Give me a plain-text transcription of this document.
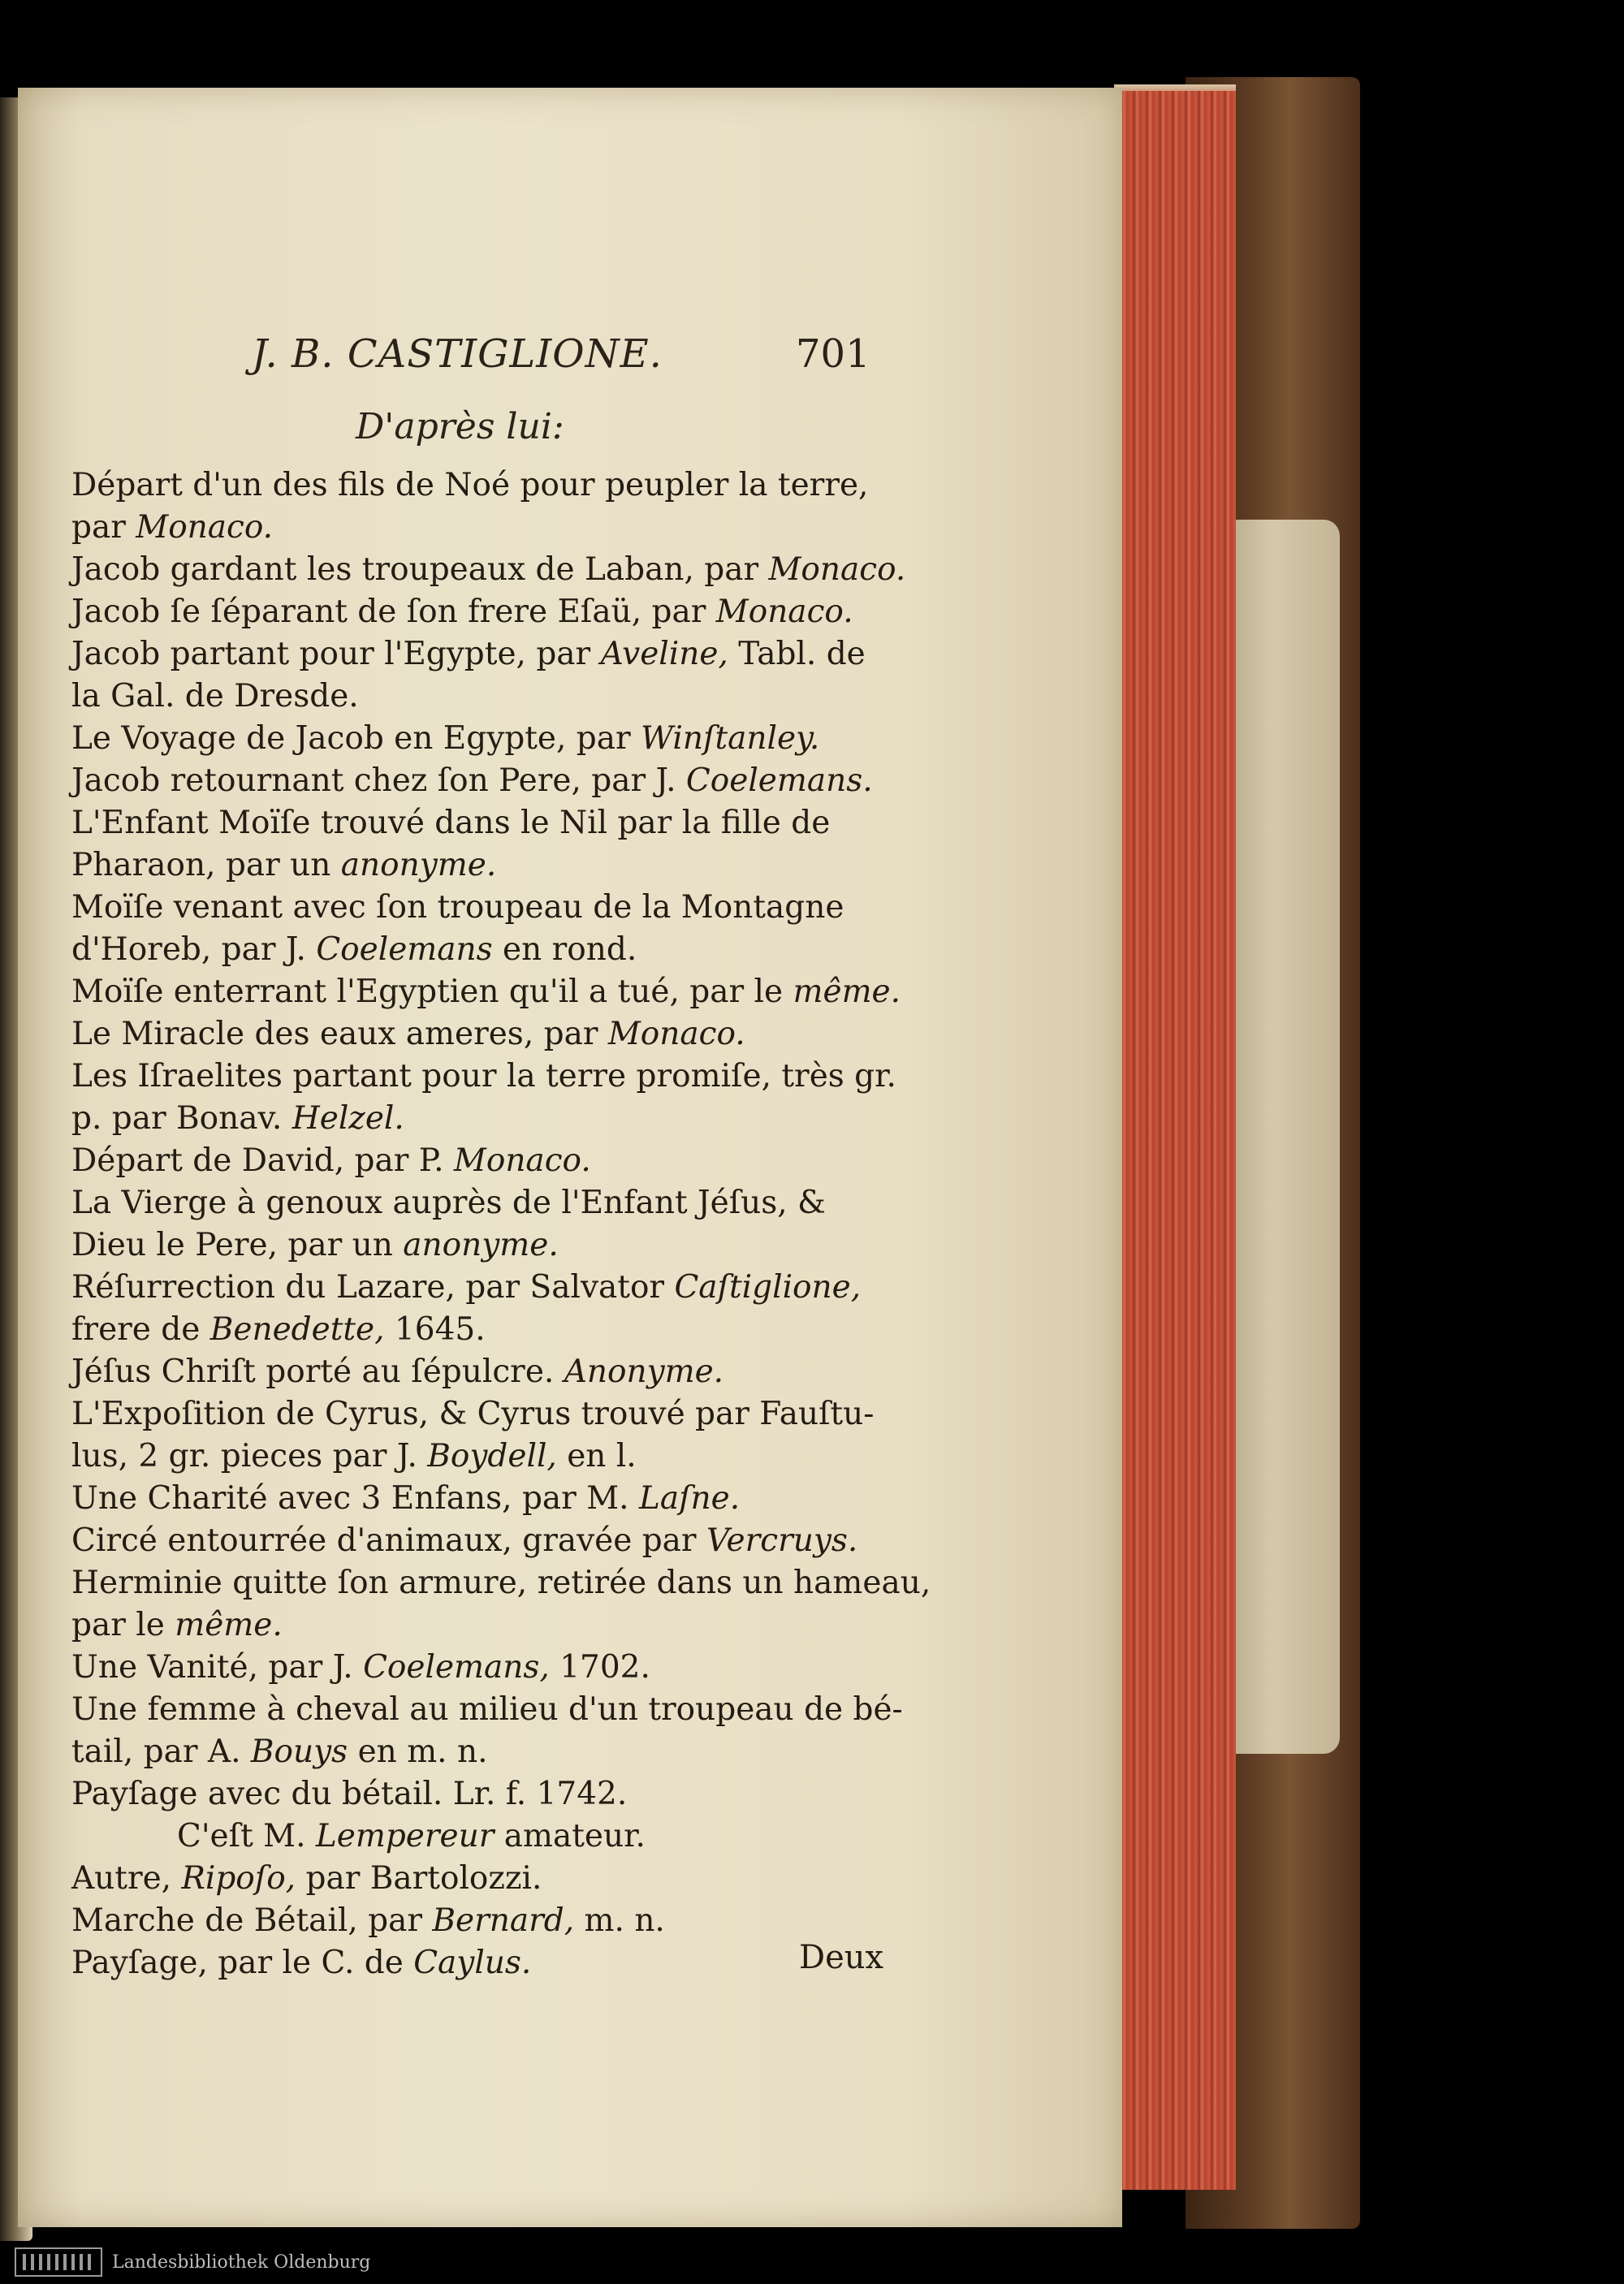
J. B. CASTIGLIONE.	701
D'après lui:

Départ d'un des fils de Noé pour peupler la terre,

par Monaco.

Jacob gardant les troupeaux de Laban, par Monaco.

Jacob ſe ſéparant de ſon frere Eſaü, par Monaco.

Jacob partant pour l'Egypte, par Aveline, Tabl. de

la Gal. de Dresde.

Le Voyage de Jacob en Egypte, par Winſtanley.

Jacob retournant chez ſon Pere, par J. Coelemans.

L'Enfant Moïſe trouvé dans le Nil par la fille de

Pharaon, par un anonyme.

Moïſe venant avec ſon troupeau de la Montagne

d'Horeb, par J. Coelemans en rond.

Moïſe enterrant l'Egyptien qu'il a tué, par le même.

Le Miracle des eaux ameres, par Monaco.

Les Iſraelites partant pour la terre promiſe, très gr.

p. par Bonav. Helzel.

Départ de David, par P. Monaco.

La Vierge à genoux auprès de l'Enfant Jéſus, &

Dieu le Pere, par un anonyme.

Réſurrection du Lazare, par Salvator Caſtiglione,

frere de Benedette, 1645.

Jéſus Chriſt porté au ſépulcre. Anonyme.

L'Expoſition de Cyrus, & Cyrus trouvé par Fauſtu-

lus, 2 gr. pieces par J. Boydell, en l.

Une Charité avec 3 Enfans, par M. Laſne.

Circé entourrée d'animaux, gravée par Vercruys.

Herminie quitte ſon armure, retirée dans un hameau,

par le même.

Une Vanité, par J. Coelemans, 1702.

Une femme à cheval au milieu d'un troupeau de bé-

tail, par A. Bouys en m. n.

Payſage avec du bétail. Lr. f. 1742.

C'eſt M. Lempereur amateur.

Autre, Ripoſo, par Bartolozzi.

Marche de Bétail, par Bernard, m. n.

Payſage, par le C. de Caylus.	Deux
Landesbibliothek Oldenburg
